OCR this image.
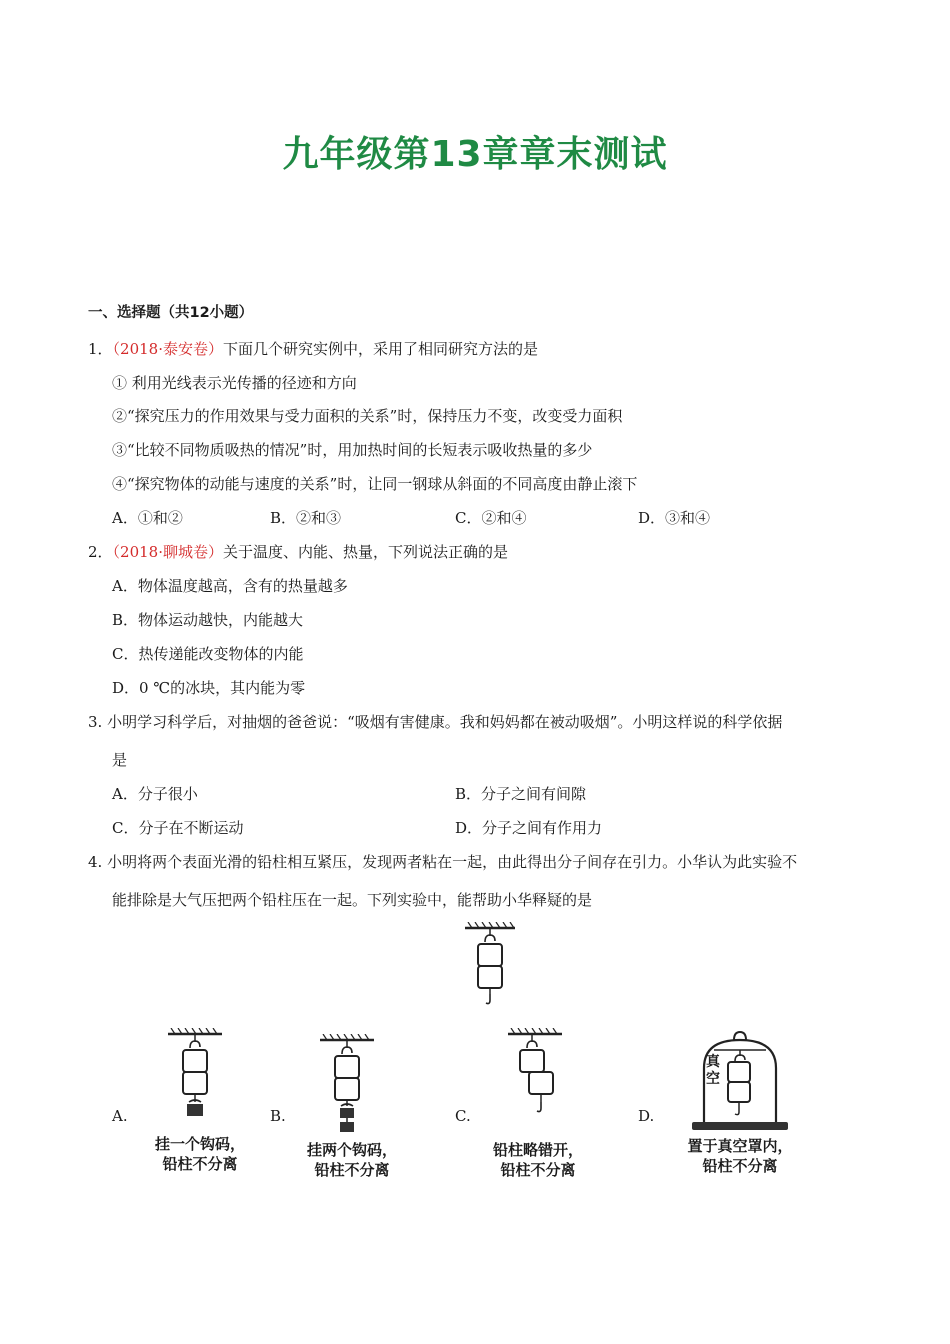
九年级第13章章末测试
一、选择题（共12小题）
1．（2018·泰安卷）下面几个研究实例中，采用了相同研究方法的是
① 利用光线表示光传播的径迹和方向
②“探究压力的作用效果与受力面积的关系”时，保持压力不变，改变受力面积
③“比较不同物质吸热的情况”时，用加热时间的长短表示吸收热量的多少
④“探究物体的动能与速度的关系”时，让同一钢球从斜面的不同高度由静止滚下
A．①和②	B．②和③	C．②和④	D．③和④
2．（2018·聊城卷）关于温度、内能、热量，下列说法正确的是
A．物体温度越高，含有的热量越多
B．物体运动越快，内能越大
C．热传递能改变物体的内能
D．0 ℃的冰块，其内能为零
3. 小明学习科学后，对抽烟的爸爸说：“吸烟有害健康。我和妈妈都在被动吸烟”。小明这样说的科学依据
是
A．分子很小	B．分子之间有间隙
C．分子在不断运动	D．分子之间有作用力
4. 小明将两个表面光滑的铅柱相互紧压，发现两者粘在一起，由此得出分子间存在引力。小华认为此实验不
能排除是大气压把两个铅柱压在一起。下列实验中，能帮助小华释疑的是
A.	B.	C.	D.
真
空
挂一个钩码，
铅柱不分离
挂两个钩码，
铅柱不分离
铅柱略错开，
铅柱不分离
置于真空罩内，
铅柱不分离
